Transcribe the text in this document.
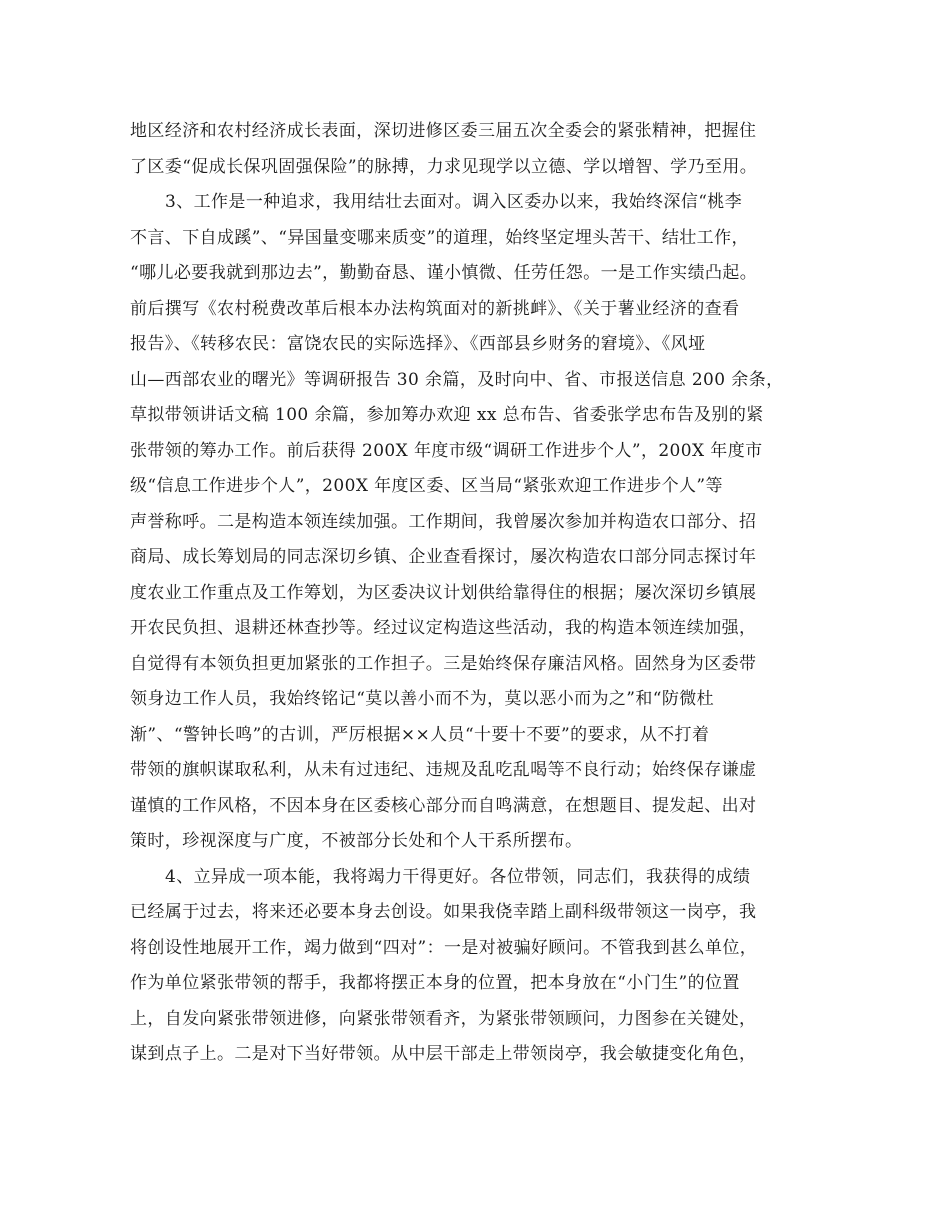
地区经济和农村经济成长表面，深切进修区委三届五次全委会的紧张精神，把握住
了区委“促成长保巩固强保险”的脉搏，力求见现学以立德、学以增智、学乃至用。
3、工作是一种追求，我用结壮去面对。调入区委办以来，我始终深信“桃李
不言、下自成蹊”、“异国量变哪来质变”的道理，始终坚定埋头苦干、结壮工作，
“哪儿必要我就到那边去”，勤勤奋恳、谨小慎微、任劳任怨。一是工作实绩凸起。
前后撰写《农村税费改革后根本办法构筑面对的新挑衅》、《关于薯业经济的查看
报告》、《转移农民：富饶农民的实际选择》、《西部县乡财务的窘境》、《风垭
山—西部农业的曙光》等调研报告 30 余篇，及时向中、省、市报送信息 200 余条，
草拟带领讲话文稿 100 余篇，参加筹办欢迎 xx 总布告、省委张学忠布告及别的紧
张带领的筹办工作。前后获得 200X 年度市级“调研工作进步个人”，200X 年度市
级“信息工作进步个人”，200X 年度区委、区当局“紧张欢迎工作进步个人”等
声誉称呼。二是构造本领连续加强。工作期间，我曾屡次参加并构造农口部分、招
商局、成长筹划局的同志深切乡镇、企业查看探讨，屡次构造农口部分同志探讨年
度农业工作重点及工作筹划，为区委决议计划供给靠得住的根据；屡次深切乡镇展
开农民负担、退耕还林查抄等。经过议定构造这些活动，我的构造本领连续加强，
自觉得有本领负担更加紧张的工作担子。三是始终保存廉洁风格。固然身为区委带
领身边工作人员，我始终铭记“莫以善小而不为，莫以恶小而为之”和“防微杜
渐”、“警钟长鸣”的古训，严厉根据××人员“十要十不要”的要求，从不打着
带领的旗帜谋取私利，从未有过违纪、违规及乱吃乱喝等不良行动；始终保存谦虚
谨慎的工作风格，不因本身在区委核心部分而自鸣满意，在想题目、提发起、出对
策时，珍视深度与广度，不被部分长处和个人干系所摆布。
4、立异成一项本能，我将竭力干得更好。各位带领，同志们，我获得的成绩
已经属于过去，将来还必要本身去创设。如果我侥幸踏上副科级带领这一岗亭，我
将创设性地展开工作，竭力做到“四对”：一是对被骗好顾问。不管我到甚么单位，
作为单位紧张带领的帮手，我都将摆正本身的位置，把本身放在“小门生”的位置
上，自发向紧张带领进修，向紧张带领看齐，为紧张带领顾问，力图参在关键处，
谋到点子上。二是对下当好带领。从中层干部走上带领岗亭，我会敏捷变化角色，
